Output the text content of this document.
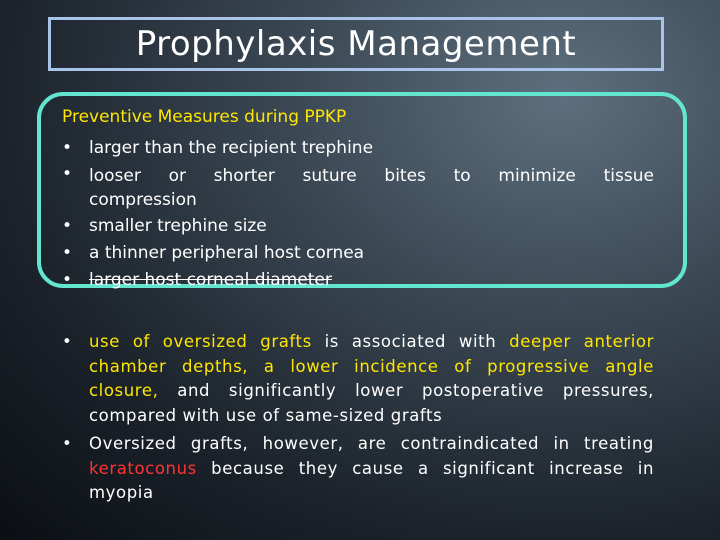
Prophylaxis Management
Preventive Measures during PPKP
• larger than the recipient trephine
• looser or shorter suture bites to minimize tissue
compression
• smaller trephine size
• a thinner peripheral host cornea
• larger host corneal diameter
• use of oversized grafts is associated with deeper anterior chamber depths, a lower incidence of progressive angle closure, and significantly lower postoperative pressures, compared with use of same-sized grafts
• Oversized grafts, however, are contraindicated in treating keratoconus because they cause a significant increase in myopia
